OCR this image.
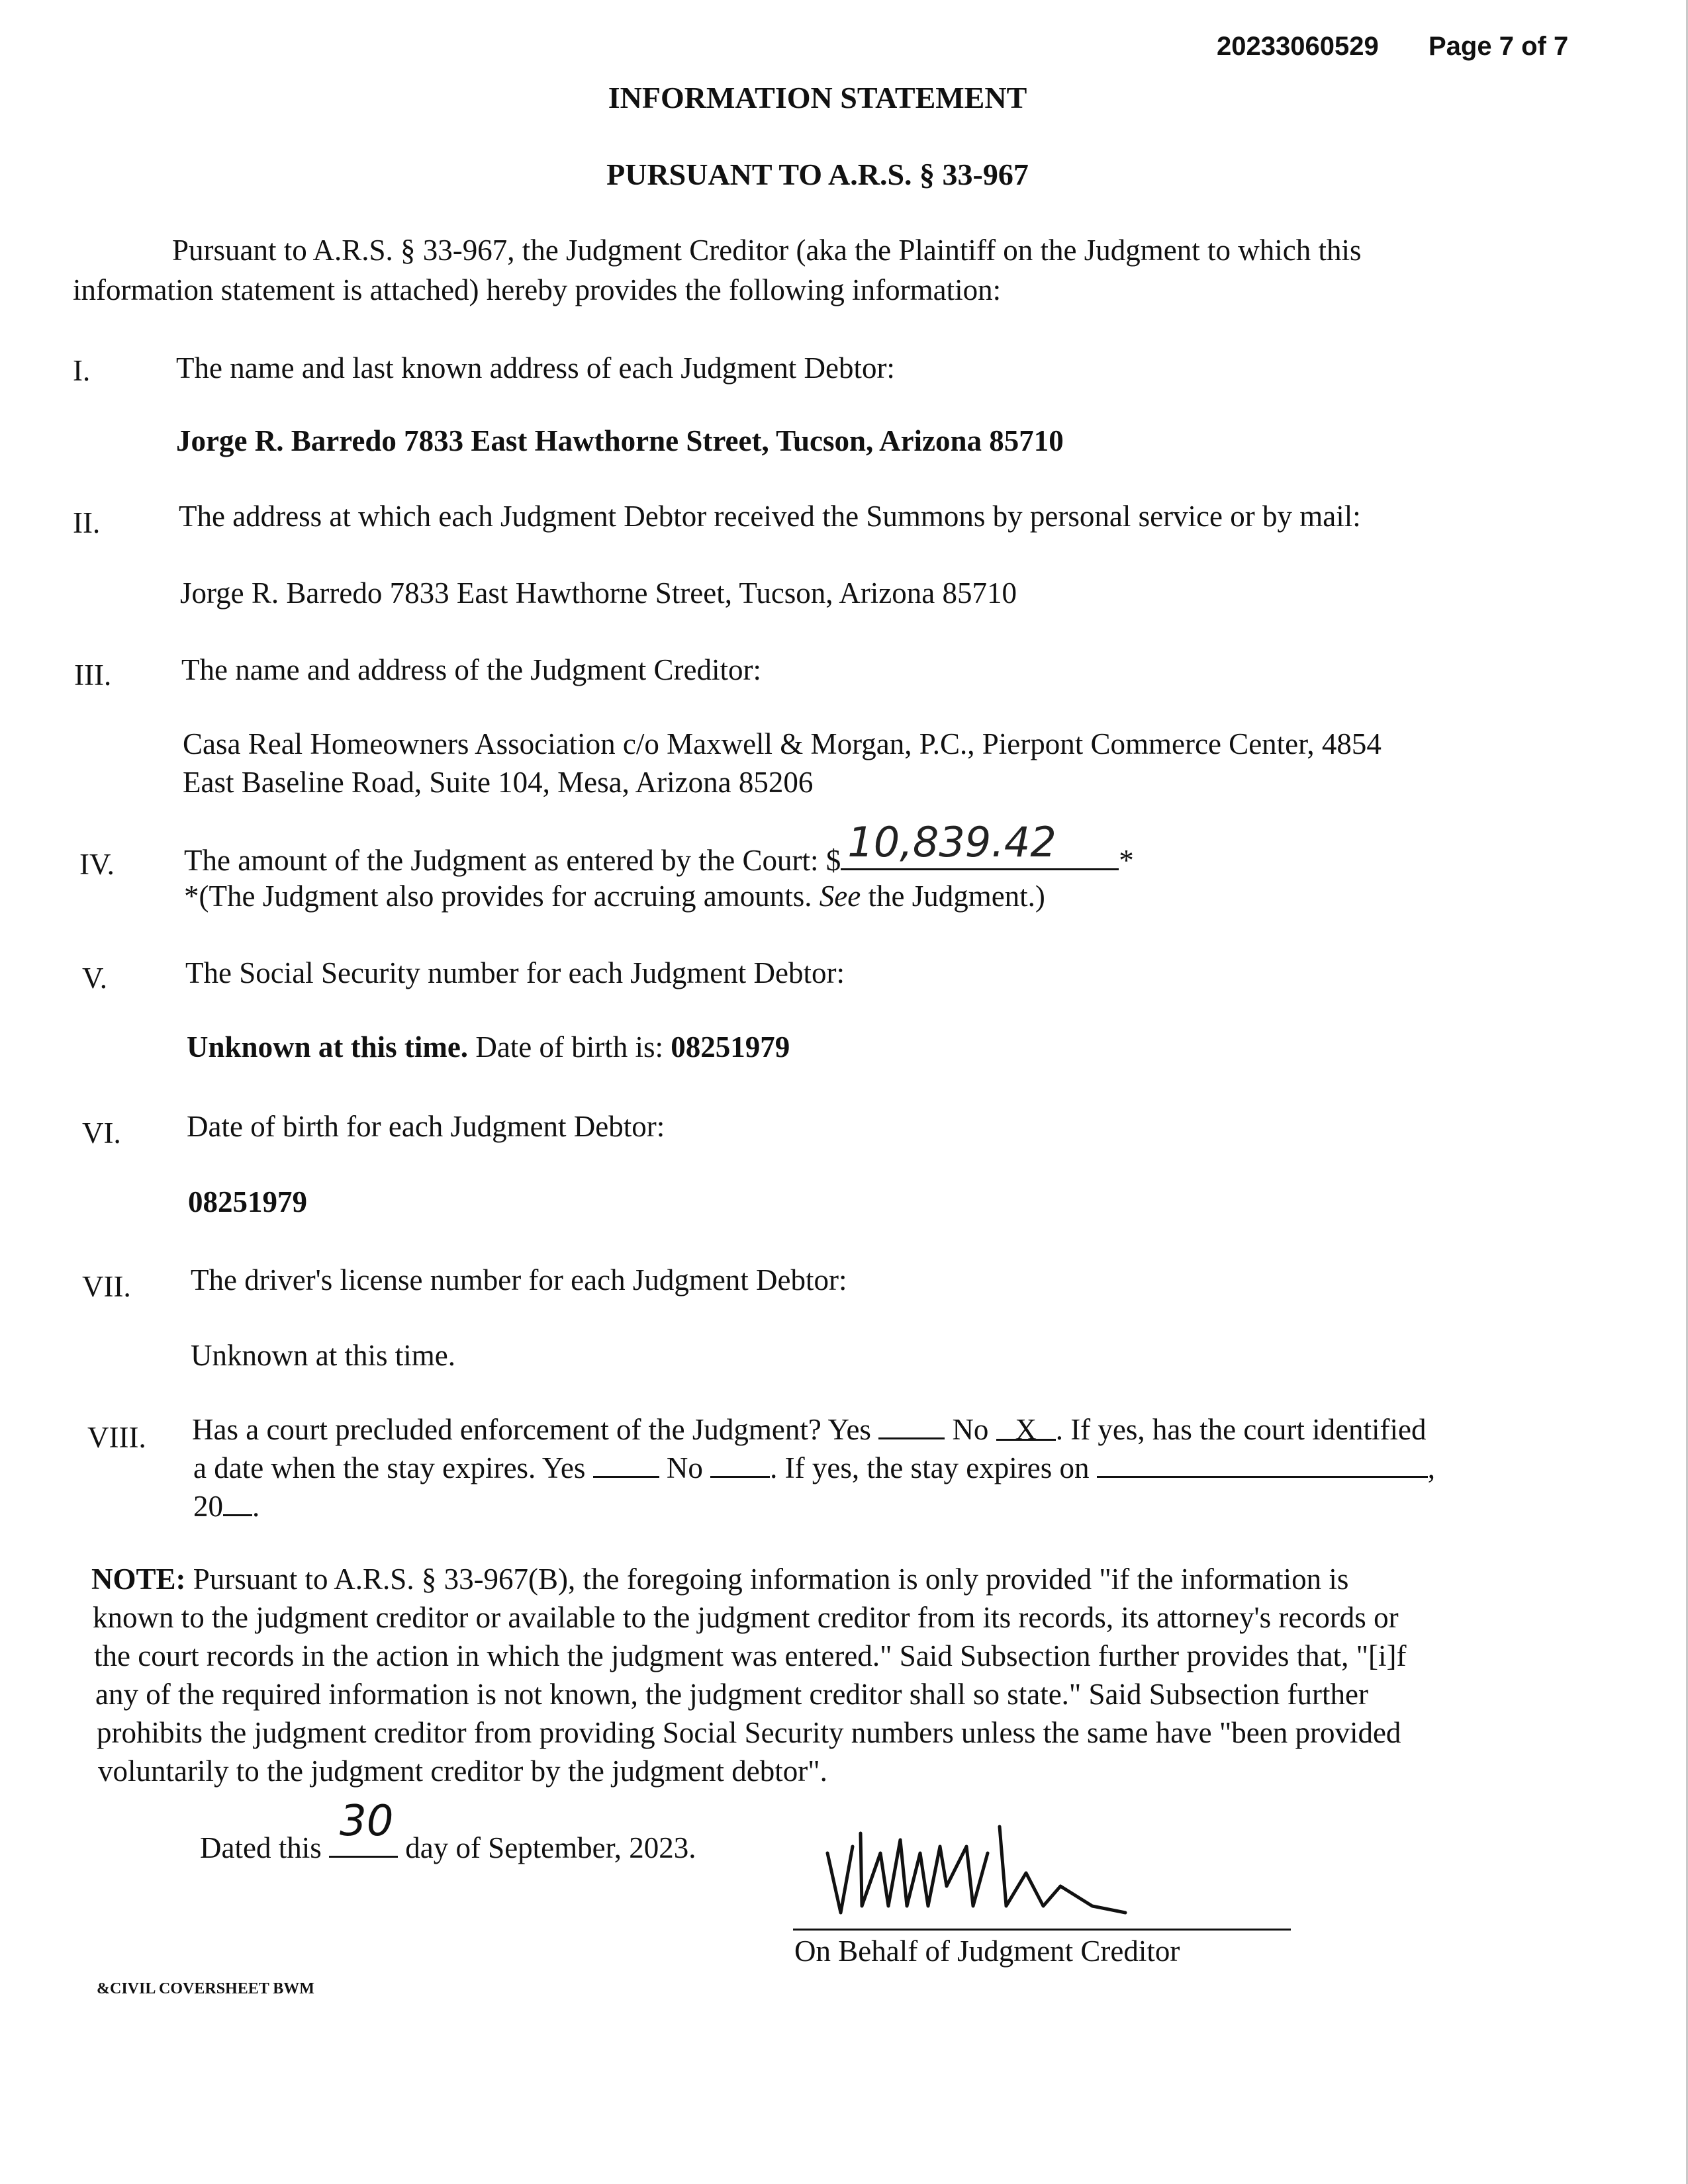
20233060529 Page 7 of 7
INFORMATION STATEMENT
PURSUANT TO A.R.S. § 33-967
Pursuant to A.R.S. § 33-967, the Judgment Creditor (aka the Plaintiff on the Judgment to which this
information statement is attached) hereby provides the following information:
I.	The name and last known address of each Judgment Debtor:
Jorge R. Barredo 7833 East Hawthorne Street, Tucson, Arizona 85710
II.	The address at which each Judgment Debtor received the Summons by personal service or by mail:
Jorge R. Barredo 7833 East Hawthorne Street, Tucson, Arizona 85710
III.	The name and address of the Judgment Creditor:
Casa Real Homeowners Association c/o Maxwell & Morgan, P.C., Pierpont Commerce Center, 4854
East Baseline Road, Suite 104, Mesa, Arizona 85206
IV.	The amount of the Judgment as entered by the Court: $ 10,839.42 *
*(The Judgment also provides for accruing amounts. See the Judgment.)
V.	The Social Security number for each Judgment Debtor:
Unknown at this time. Date of birth is: 08251979
VI.	Date of birth for each Judgment Debtor:
08251979
VII.	The driver's license number for each Judgment Debtor:
Unknown at this time.
VIII.	Has a court precluded enforcement of the Judgment? Yes  No X . If yes, has the court identified
a date when the stay expires. Yes  No . If yes, the stay expires on	,
20 .
NOTE: Pursuant to A.R.S. § 33-967(B), the foregoing information is only provided "if the information is
known to the judgment creditor or available to the judgment creditor from its records, its attorney's records or
the court records in the action in which the judgment was entered." Said Subsection further provides that, "[i]f
any of the required information is not known, the judgment creditor shall so state." Said Subsection further
prohibits the judgment creditor from providing Social Security numbers unless the same have "been provided
voluntarily to the judgment creditor by the judgment debtor".
Dated this
30
day of September, 2023.
On Behalf of Judgment Creditor
&CIVIL COVERSHEET BWM
